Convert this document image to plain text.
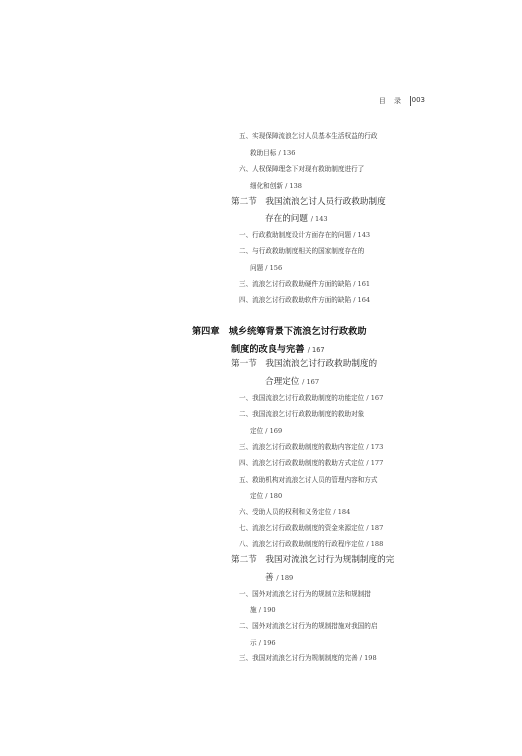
目 录 003
五、实现保障流浪乞讨人员基本生活权益的行政
救助目标 / 136
六、人权保障理念下对现有救助制度进行了
细化和创新 / 138
第二节　我国流浪乞讨人员行政救助制度
存在的问题 / 143
一、行政救助制度设计方面存在的问题 / 143
二、与行政救助制度相关的国家制度存在的
问题 / 156
三、流浪乞讨行政救助硬件方面的缺陷 / 161
四、流浪乞讨行政救助软件方面的缺陷 / 164
第四章　城乡统筹背景下流浪乞讨行政救助
制度的改良与完善 / 167
第一节　我国流浪乞讨行政救助制度的
合理定位 / 167
一、我国流浪乞讨行政救助制度的功能定位 / 167
二、我国流浪乞讨行政救助制度的救助对象
定位 / 169
三、流浪乞讨行政救助制度的救助内容定位 / 173
四、流浪乞讨行政救助制度的救助方式定位 / 177
五、救助机构对流浪乞讨人员的管理内容和方式
定位 / 180
六、受助人员的权利和义务定位 / 184
七、流浪乞讨行政救助制度的资金来源定位 / 187
八、流浪乞讨行政救助制度的行政程序定位 / 188
第二节　我国对流浪乞讨行为规制制度的完
善 / 189
一、国外对流浪乞讨行为的规制立法和规制措
施 / 190
二、国外对流浪乞讨行为的规制措施对我国的启
示 / 196
三、我国对流浪乞讨行为规制制度的完善 / 198
